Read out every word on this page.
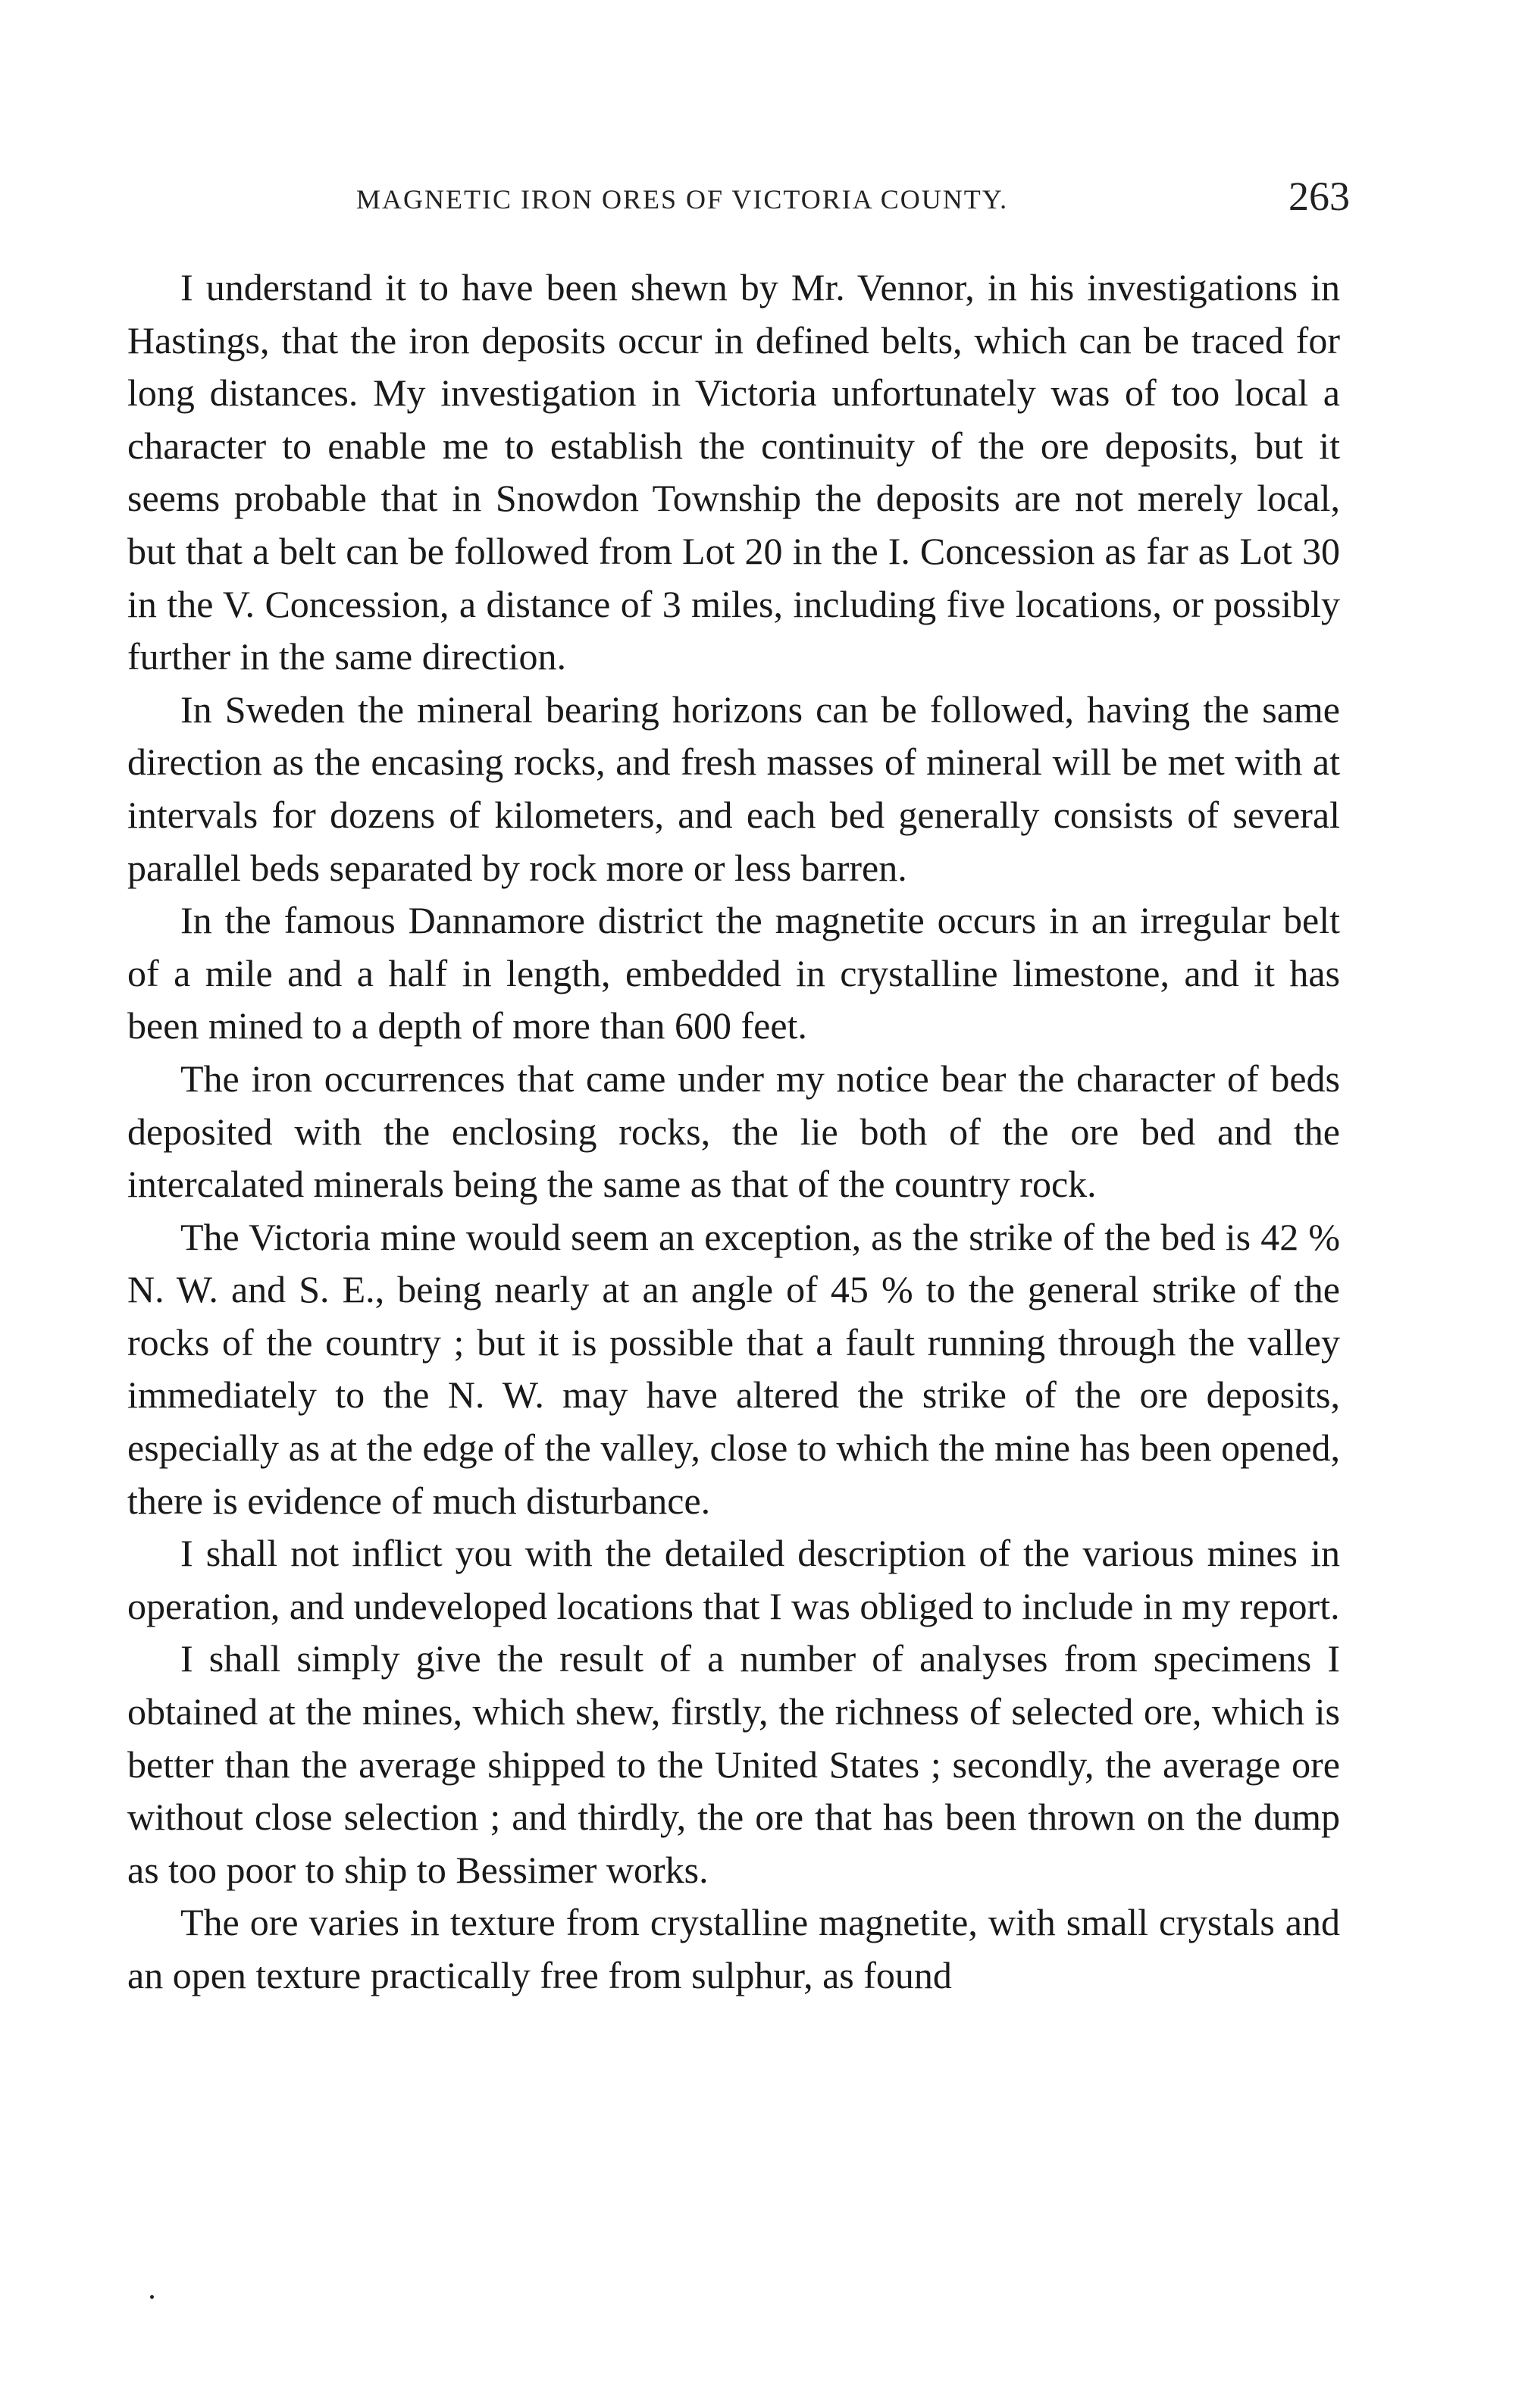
MAGNETIC IRON ORES OF VICTORIA COUNTY.	263

I understand it to have been shewn by Mr. Vennor, in his investigations in Hastings, that the iron deposits occur in defined belts, which can be traced for long distances. My investigation in Victoria unfortunately was of too local a character to enable me to establish the continuity of the ore deposits, but it seems probable that in Snowdon Township the deposits are not merely local, but that a belt can be followed from Lot 20 in the I. Concession as far as Lot 30 in the V. Concession, a distance of 3 miles, including five locations, or possibly further in the same direction.

In Sweden the mineral bearing horizons can be followed, having the same direction as the encasing rocks, and fresh masses of mineral will be met with at intervals for dozens of kilometers, and each bed generally consists of several parallel beds separated by rock more or less barren.

In the famous Dannamore district the magnetite occurs in an irregular belt of a mile and a half in length, embedded in crystalline limestone, and it has been mined to a depth of more than 600 feet.

The iron occurrences that came under my notice bear the character of beds deposited with the enclosing rocks, the lie both of the ore bed and the intercalated minerals being the same as that of the country rock.

The Victoria mine would seem an exception, as the strike of the bed is 42 % N. W. and S. E., being nearly at an angle of 45 % to the general strike of the rocks of the country ; but it is possible that a fault running through the valley immediately to the N. W. may have altered the strike of the ore deposits, especially as at the edge of the valley, close to which the mine has been opened, there is evidence of much disturbance.

I shall not inflict you with the detailed description of the various mines in operation, and undeveloped locations that I was obliged to include in my report.

I shall simply give the result of a number of analyses from specimens I obtained at the mines, which shew, firstly, the richness of selected ore, which is better than the average shipped to the United States ; secondly, the average ore without close selection ; and thirdly, the ore that has been thrown on the dump as too poor to ship to Bessimer works.

The ore varies in texture from crystalline magnetite, with small crystals and an open texture practically free from sulphur, as found
